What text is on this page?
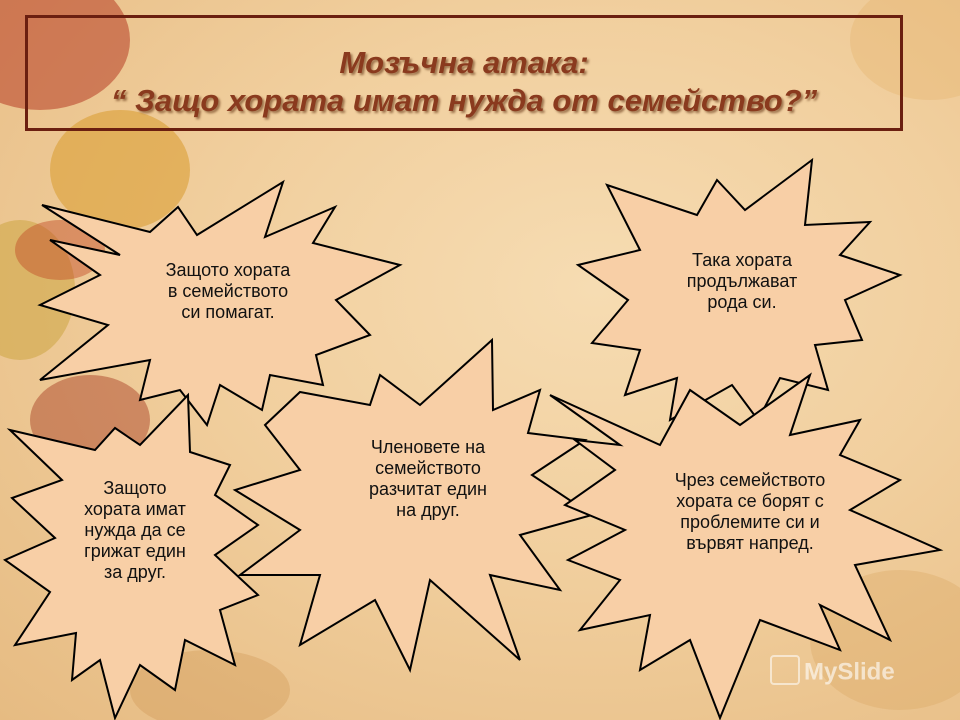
Мозъчна атака:
“ Защо хората имат нужда от семейство?”
Защото хората
в семейството
си помагат.
Така хората
продължават
рода си.
Членовете на
семейството
разчитат един
на друг.
Чрез семейството
хората се борят с
проблемите си и
вървят напред.
Защото
хората имат
нужда да се
грижат един
за друг.
MySlide
